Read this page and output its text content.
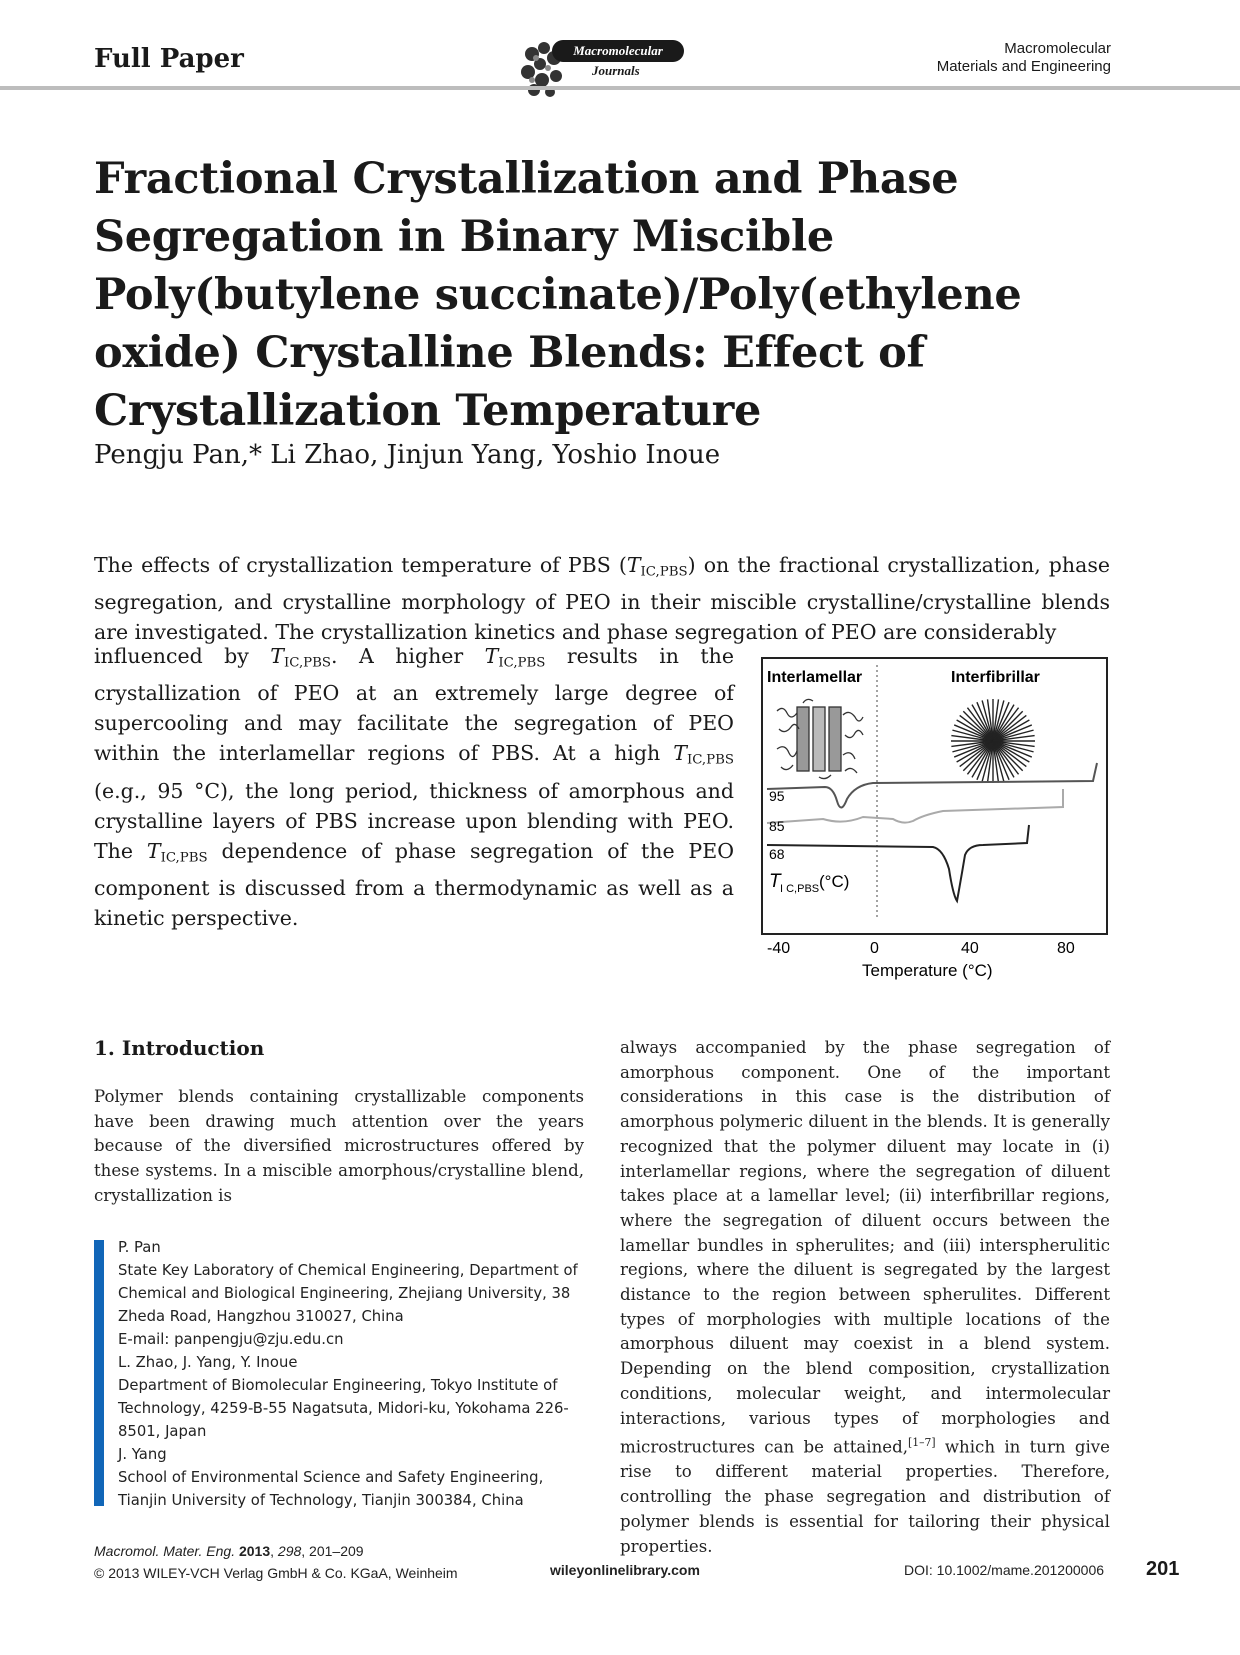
Full Paper	Macromolecular
Journals
Macromolecular
Materials and Engineering
Fractional Crystallization and Phase Segregation in Binary Miscible Poly(butylene succinate)/Poly(ethylene oxide) Crystalline Blends: Effect of Crystallization Temperature
Pengju Pan,* Li Zhao, Jinjun Yang, Yoshio Inoue
The effects of crystallization temperature of PBS $(T_{IC,PBS})$ on the fractional crystallization, phase segregation, and crystalline morphology of PEO in their miscible crystalline/crystalline blends are investigated. The crystallization kinetics and phase segregation of PEO are considerably
influenced by $T_{IC,PBS}$. A higher $T_{IC,PBS}$ results in the crystallization of PEO at an extremely large degree of supercooling and may facilitate the segregation of PEO within the interlamellar regions of PBS. At a high $T_{IC,PBS}$ (e.g., 95 °C), the long period, thickness of amorphous and crystalline layers of PBS increase upon blending with PEO. The $T_{IC,PBS}$ dependence of phase segregation of the PEO component is discussed from a thermodynamic as well as a kinetic perspective.
Interlamellar	Interfibrillar
95
85
68
T I C,PBS (°C)
-40	0	40	80
Temperature (°C)
1. Introduction
Polymer blends containing crystallizable components have been drawing much attention over the years because of the diversified microstructures offered by these systems. In a miscible amorphous/crystalline blend, crystallization is
always accompanied by the phase segregation of amorphous component. One of the important considerations in this case is the distribution of amorphous polymeric diluent in the blends. It is generally recognized that the polymer diluent may locate in (i) interlamellar regions, where the segregation of diluent takes place at a lamellar level; (ii) interfibrillar regions, where the segregation of diluent occurs between the lamellar bundles in spherulites; and (iii) interspherulitic regions, where the diluent is segregated by the largest distance to the region between spherulites. Different types of morphologies with multiple locations of the amorphous diluent may coexist in a blend system. Depending on the blend composition, crystallization conditions, molecular weight, and intermolecular interactions, various types of morphologies and microstructures can be attained,[1–7] which in turn give rise to different material properties. Therefore, controlling the phase segregation and distribution of polymer blends is essential for tailoring their physical properties.
P. Pan
State Key Laboratory of Chemical Engineering, Department of Chemical and Biological Engineering, Zhejiang University, 38 Zheda Road, Hangzhou 310027, China
E-mail: panpengju@zju.edu.cn
L. Zhao, J. Yang, Y. Inoue
Department of Biomolecular Engineering, Tokyo Institute of Technology, 4259-B-55 Nagatsuta, Midori-ku, Yokohama 226-8501, Japan
J. Yang
School of Environmental Science and Safety Engineering, Tianjin University of Technology, Tianjin 300384, China
Macromol. Mater. Eng. 2013, 298, 201–209
© 2013 WILEY-VCH Verlag GmbH & Co. KGaA, Weinheim	wileyonlinelibrary.com	DOI: 10.1002/mame.201200006 201
